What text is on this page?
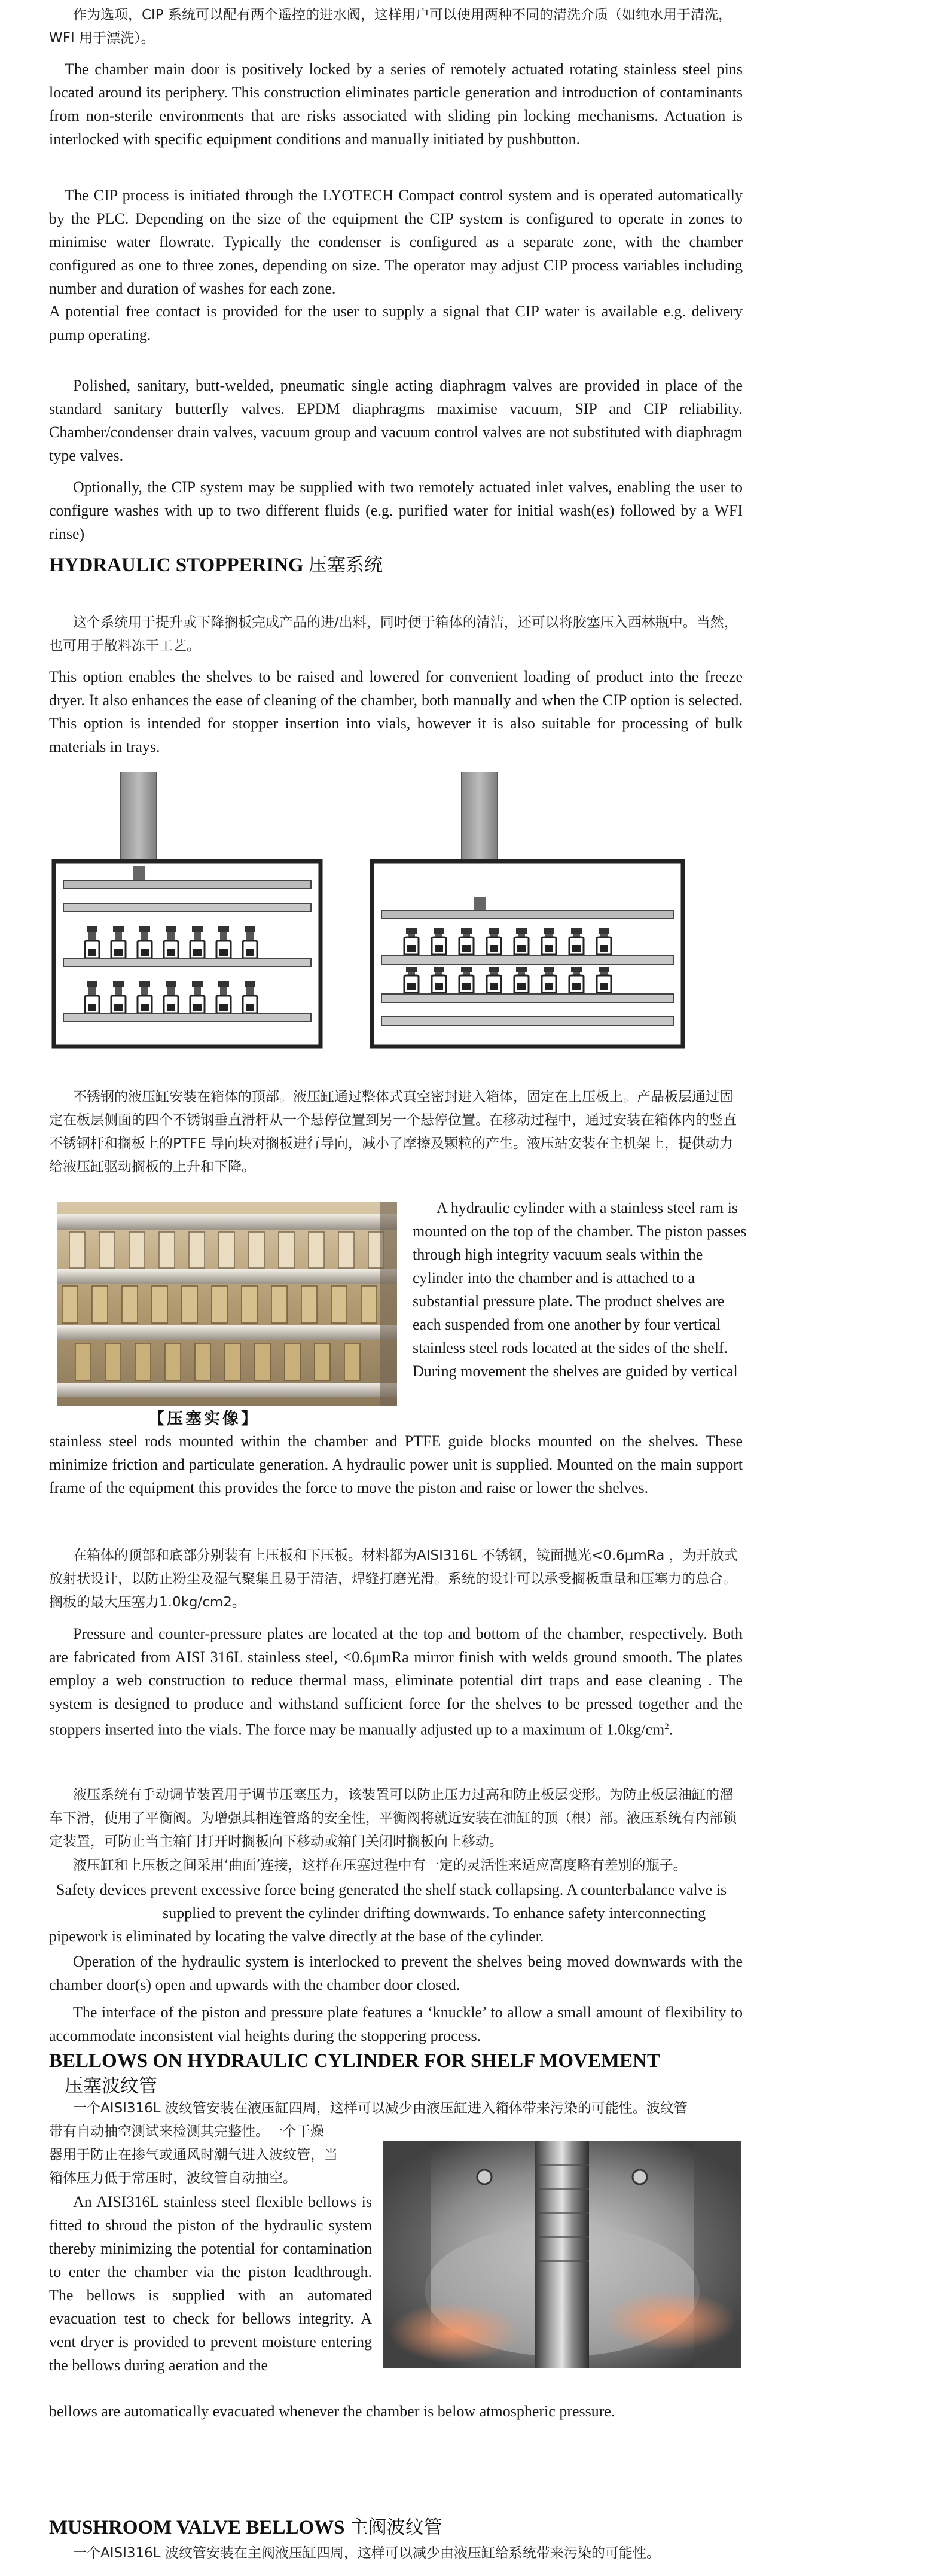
作为选项，CIP 系统可以配有两个遥控的进水阀，这样用户可以使用两种不同的清洗介质（如纯水用于清洗，WFI 用于漂洗）。

The chamber main door is positively locked by a series of remotely actuated rotating stainless steel pins located around its periphery. This construction eliminates particle generation and introduction of contaminants from non-sterile environments that are risks associated with sliding pin locking mechanisms. Actuation is interlocked with specific equipment conditions and manually initiated by pushbutton.

The CIP process is initiated through the LYOTECH Compact control system and is operated automatically by the PLC. Depending on the size of the equipment the CIP system is configured to operate in zones to minimise water flowrate. Typically the condenser is configured as a separate zone, with the chamber configured as one to three zones, depending on size. The operator may adjust CIP process variables including number and duration of washes for each zone.

A potential free contact is provided for the user to supply a signal that CIP water is available e.g. delivery pump operating.

Polished, sanitary, butt-welded, pneumatic single acting diaphragm valves are provided in place of the standard sanitary butterfly valves. EPDM diaphragms maximise vacuum, SIP and CIP reliability. Chamber/condenser drain valves, vacuum group and vacuum control valves are not substituted with diaphragm type valves.

Optionally, the CIP system may be supplied with two remotely actuated inlet valves, enabling the user to configure washes with up to two different fluids (e.g. purified water for initial wash(es) followed by a WFI rinse)

HYDRAULIC STOPPERING 压塞系统

这个系统用于提升或下降搁板完成产品的进/出料，同时便于箱体的清洁，还可以将胶塞压入西林瓶中。当然，也可用于散料冻干工艺。

This option enables the shelves to be raised and lowered for convenient loading of product into the freeze dryer. It also enhances the ease of cleaning of the chamber, both manually and when the CIP option is selected. This option is intended for stopper insertion into vials, however it is also suitable for processing of bulk materials in trays.

不锈钢的液压缸安装在箱体的顶部。液压缸通过整体式真空密封进入箱体，固定在上压板上。产品板层通过固定在板层侧面的四个不锈钢垂直滑杆从一个悬停位置到另一个悬停位置。在移动过程中，通过安装在箱体内的竖直不锈钢杆和搁板上的PTFE 导向块对搁板进行导向，减小了摩擦及颗粒的产生。液压站安装在主机架上，提供动力给液压缸驱动搁板的上升和下降。

【压塞实像】

A hydraulic cylinder with a stainless steel ram is mounted on the top of the chamber. The piston passes through high integrity vacuum seals within the cylinder into the chamber and is attached to a substantial pressure plate. The product shelves are each suspended from one another by four vertical stainless steel rods located at the sides of the shelf. During movement the shelves are guided by vertical

stainless steel rods mounted within the chamber and PTFE guide blocks mounted on the shelves. These minimize friction and particulate generation. A hydraulic power unit is supplied. Mounted on the main support frame of the equipment this provides the force to move the piston and raise or lower the shelves.

在箱体的顶部和底部分别装有上压板和下压板。材料都为AISI316L 不锈钢，镜面抛光<0.6μmRa ，为开放式放射状设计，以防止粉尘及湿气聚集且易于清洁，焊缝打磨光滑。系统的设计可以承受搁板重量和压塞力的总合。搁板的最大压塞力1.0kg/cm2。

Pressure and counter-pressure plates are located at the top and bottom of the chamber, respectively. Both are fabricated from AISI 316L stainless steel, <0.6μmRa mirror finish with welds ground smooth. The plates employ a web construction to reduce thermal mass, eliminate potential dirt traps and ease cleaning . The system is designed to produce and withstand sufficient force for the shelves to be pressed together and the stoppers inserted into the vials. The force may be manually adjusted up to a maximum of $1.0kg/cm^2$.

液压系统有手动调节装置用于调节压塞压力，该装置可以防止压力过高和防止板层变形。为防止板层油缸的溜车下滑，使用了平衡阀。为增强其相连管路的安全性，平衡阀将就近安装在油缸的顶（根）部。液压系统有内部锁定装置，可防止当主箱门打开时搁板向下移动或箱门关闭时搁板向上移动。

液压缸和上压板之间采用‘曲面’连接，这样在压塞过程中有一定的灵活性来适应高度略有差别的瓶子。

Safety devices prevent excessive force being generated the shelf stack collapsing. A counterbalance valve is

supplied to prevent the cylinder drifting downwards. To enhance safety interconnecting

pipework is eliminated by locating the valve directly at the base of the cylinder.

Operation of the hydraulic system is interlocked to prevent the shelves being moved downwards with the chamber door(s) open and upwards with the chamber door closed.

The interface of the piston and pressure plate features a ‘knuckle’ to allow a small amount of flexibility to accommodate inconsistent vial heights during the stoppering process.

BELLOWS ON HYDRAULIC CYLINDER FOR SHELF MOVEMENT
压塞波纹管

一个AISI316L 波纹管安装在液压缸四周，这样可以减少由液压缸进入箱体带来污染的可能性。波纹管

带有自动抽空测试来检测其完整性。一个干燥

器用于防止在掺气或通风时潮气进入波纹管，当

箱体压力低于常压时，波纹管自动抽空。

An AISI316L stainless steel flexible bellows is fitted to shroud the piston of the hydraulic system thereby minimizing the potential for contamination to enter the chamber via the piston leadthrough. The bellows is supplied with an automated evacuation test to check for bellows integrity. A vent dryer is provided to prevent moisture entering the bellows during aeration and the

bellows are automatically evacuated whenever the chamber is below atmospheric pressure.

MUSHROOM VALVE BELLOWS 主阀波纹管

一个AISI316L 波纹管安装在主阀液压缸四周，这样可以减少由液压缸给系统带来污染的可能性。
